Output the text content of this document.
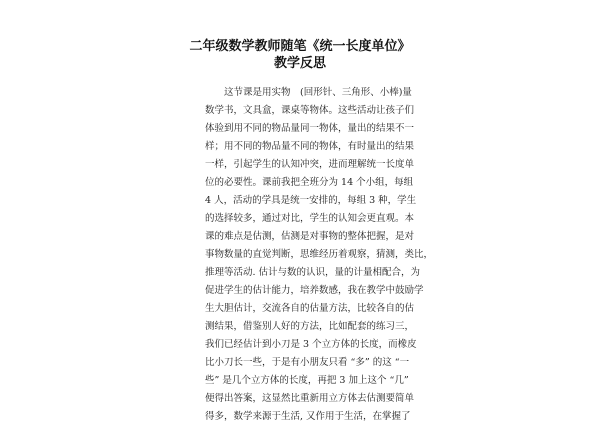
二年级数学教师随笔《统一长度单位》
教学反思
这节课是用实物　(回形针、三角形、小棒)量
数学书，文具盒，课桌等物体。这些活动让孩子们
体验到用不同的物品量同一物体，量出的结果不一
样；用不同的物品量不同的物体，有时量出的结果
一样，引起学生的认知冲突，进而理解统一长度单
位的必要性。课前我把全班分为 14 个小组，每组
4 人，活动的学具是统一安排的，每组 3 种，学生
的选择较多，通过对比，学生的认知会更直观。本
课的难点是估测，估测是对事物的整体把握，是对
事物数量的直觉判断，思维经历着观察，猜测，类比，
推理等活动. 估计与数的认识，量的计量相配合，为
促进学生的估计能力，培养数感，我在教学中鼓励学
生大胆估计，交流各自的估量方法，比较各自的估
测结果，借鉴别人好的方法，比如配套的练习三，
我们已经估计到小刀是 3 个立方体的长度，而橡皮
比小刀长一些，于是有小朋友只看 “多” 的这 “一
些” 是几个立方体的长度，再把 3 加上这个 “几”
便得出答案，这显然比重新用立方体去估测要简单
得多，数学来源于生活, 又作用于生活，在掌握了
